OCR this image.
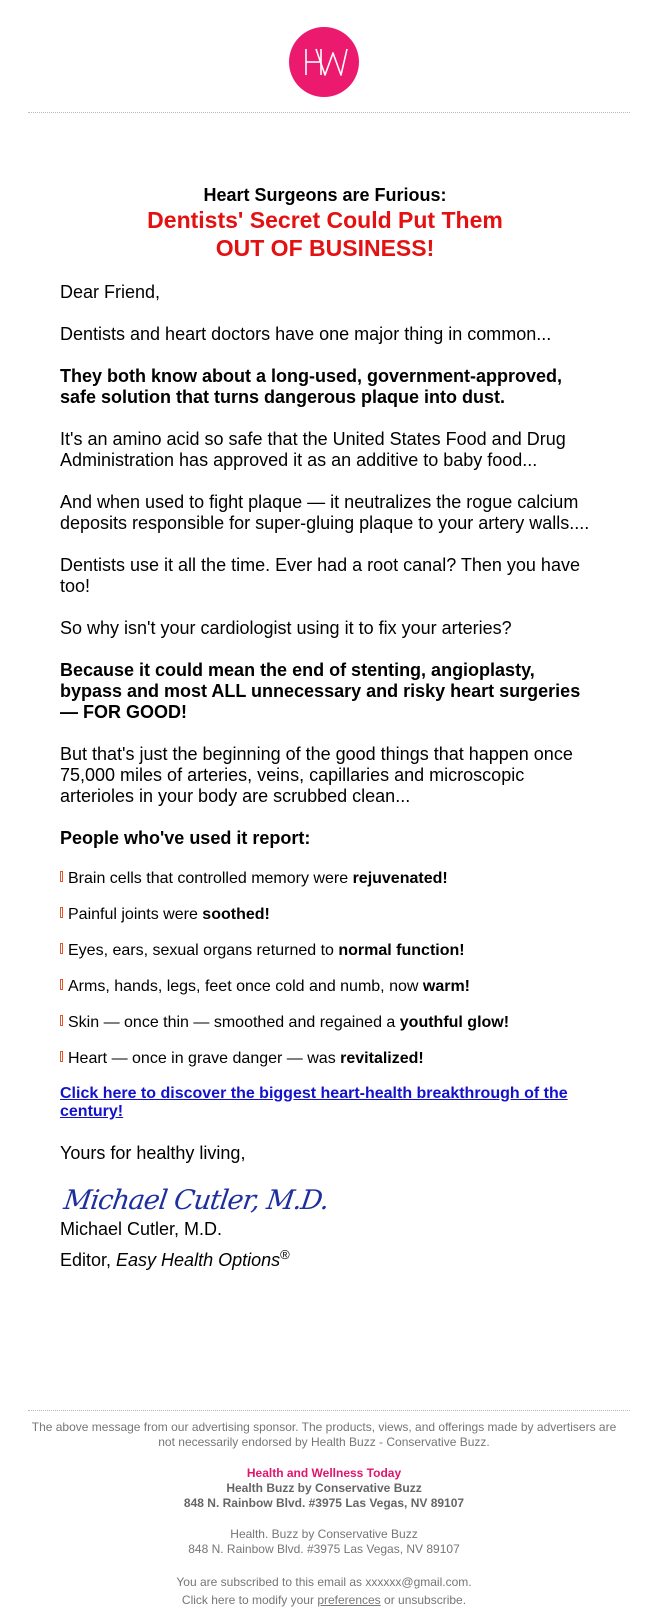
Heart Surgeons are Furious:
Dentists' Secret Could Put Them
OUT OF BUSINESS!

Dear Friend,

Dentists and heart doctors have one major thing in common...

They both know about a long-used, government-approved, safe solution that turns dangerous plaque into dust.

It's an amino acid so safe that the United States Food and Drug Administration has approved it as an additive to baby food...

And when used to fight plaque — it neutralizes the rogue calcium deposits responsible for super-gluing plaque to your artery walls....

Dentists use it all the time. Ever had a root canal? Then you have too!

So why isn't your cardiologist using it to fix your arteries?

Because it could mean the end of stenting, angioplasty, bypass and most ALL unnecessary and risky heart surgeries — FOR GOOD!

But that's just the beginning of the good things that happen once 75,000 miles of arteries, veins, capillaries and microscopic arterioles in your body are scrubbed clean...

People who've used it report:

Brain cells that controlled memory were rejuvenated!
Painful joints were soothed!
Eyes, ears, sexual organs returned to normal function!
Arms, hands, legs, feet once cold and numb, now warm!
Skin — once thin — smoothed and regained a youthful glow!
Heart — once in grave danger — was revitalized!
Click here to discover the biggest heart-health breakthrough of the century!

Yours for healthy living,

Michael Cutler, M.D.
Michael Cutler, M.D.
Editor, Easy Health Options®

The above message from our advertising sponsor. The products, views, and offerings made by advertisers are not necessarily endorsed by Health Buzz - Conservative Buzz.

Health and Wellness Today

Health Buzz by Conservative Buzz

848 N. Rainbow Blvd. #3975 Las Vegas, NV 89107

Health. Buzz by Conservative Buzz

848 N. Rainbow Blvd. #3975 Las Vegas, NV 89107

You are subscribed to this email as xxxxxx@gmail.com.

Click here to modify your preferences or unsubscribe.
